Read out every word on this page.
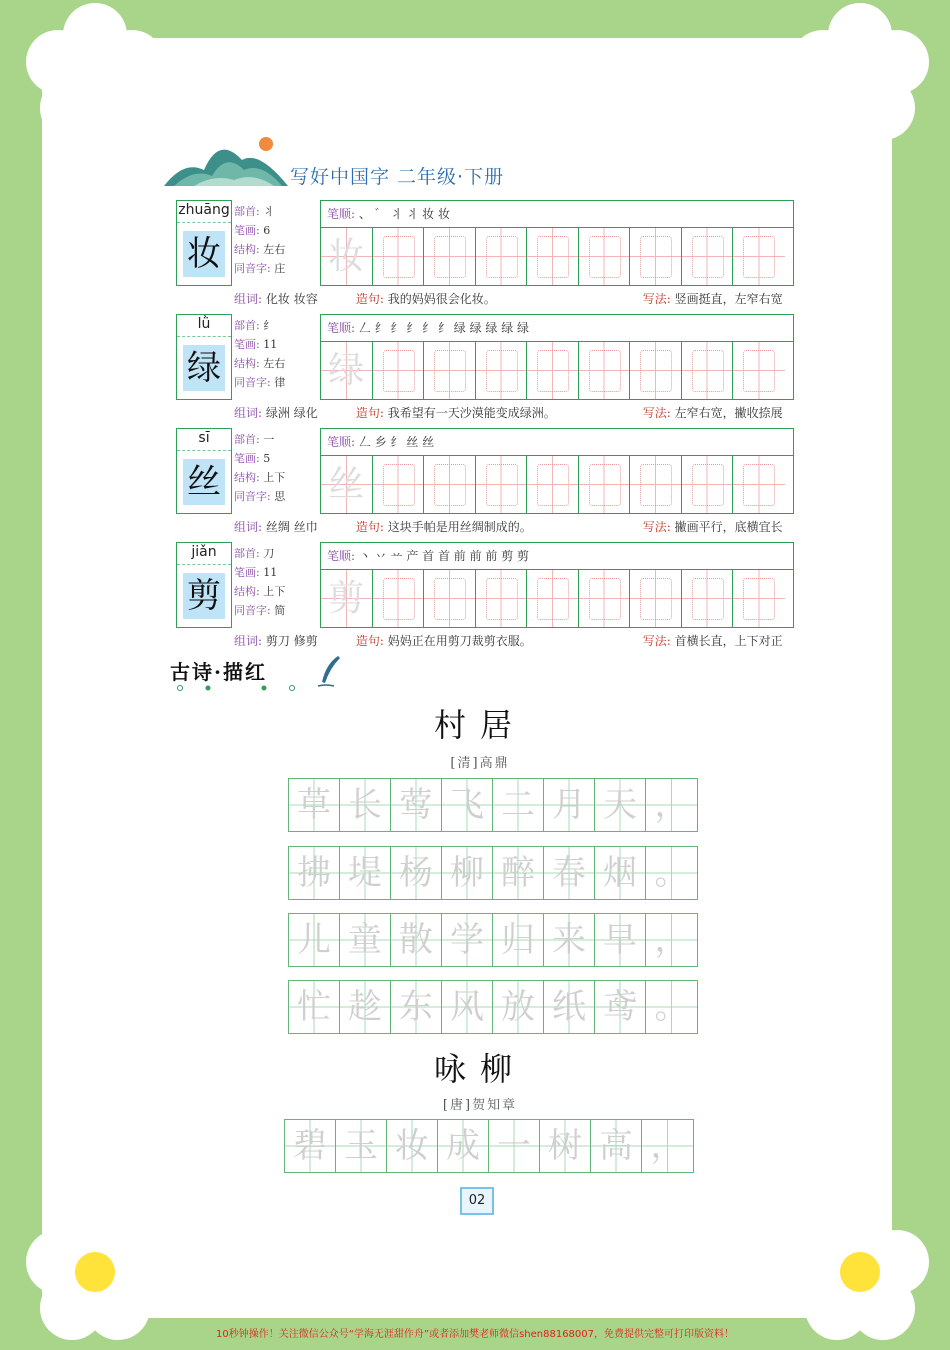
写好中国字 二年级·下册
zhuāng
妆
部首: 丬
笔画: 6
结构: 左右
同音字: 庄
笔顺: 、 ゛ 丬 丬 妆 妆
妆
组词: 化妆 妆容	造句: 我的妈妈很会化妆。	写法: 竖画挺直，左窄右宽
lǜ
绿
部首: 纟
笔画: 11
结构: 左右
同音字: 律
笔顺: 𠃋 纟 纟 纟 纟 纟 绿 绿 绿 绿 绿
绿
组词: 绿洲 绿化	造句: 我希望有一天沙漠能变成绿洲。	写法: 左窄右宽，撇收捺展
sī
丝
部首: 一
笔画: 5
结构: 上下
同音字: 思
笔顺: 𠃋 乡 纟 丝 丝
丝
组词: 丝绸 丝巾	造句: 这块手帕是用丝绸制成的。	写法: 撇画平行，底横宜长
jiǎn
剪
部首: 刀
笔画: 11
结构: 上下
同音字: 简
笔顺: 丶 丷 䒑 产 首 首 前 前 前 剪 剪
剪
组词: 剪刀 修剪	造句: 妈妈正在用剪刀裁剪衣服。	写法: 首横长直，上下对正
古诗·描红
村居
[清]高鼎
草 长 莺 飞 二 月 天 ，
拂 堤 杨 柳 醉 春 烟 。
儿 童 散 学 归 来 早 ，
忙 趁 东 风 放 纸 鸢 。
咏柳
[唐]贺知章
碧 玉 妆 成 一 树 高 ，
02
10秒钟操作！关注微信公众号“学海无涯甜作舟”或者添加樊老师微信shen88168007，免费提供完整可打印版资料！
